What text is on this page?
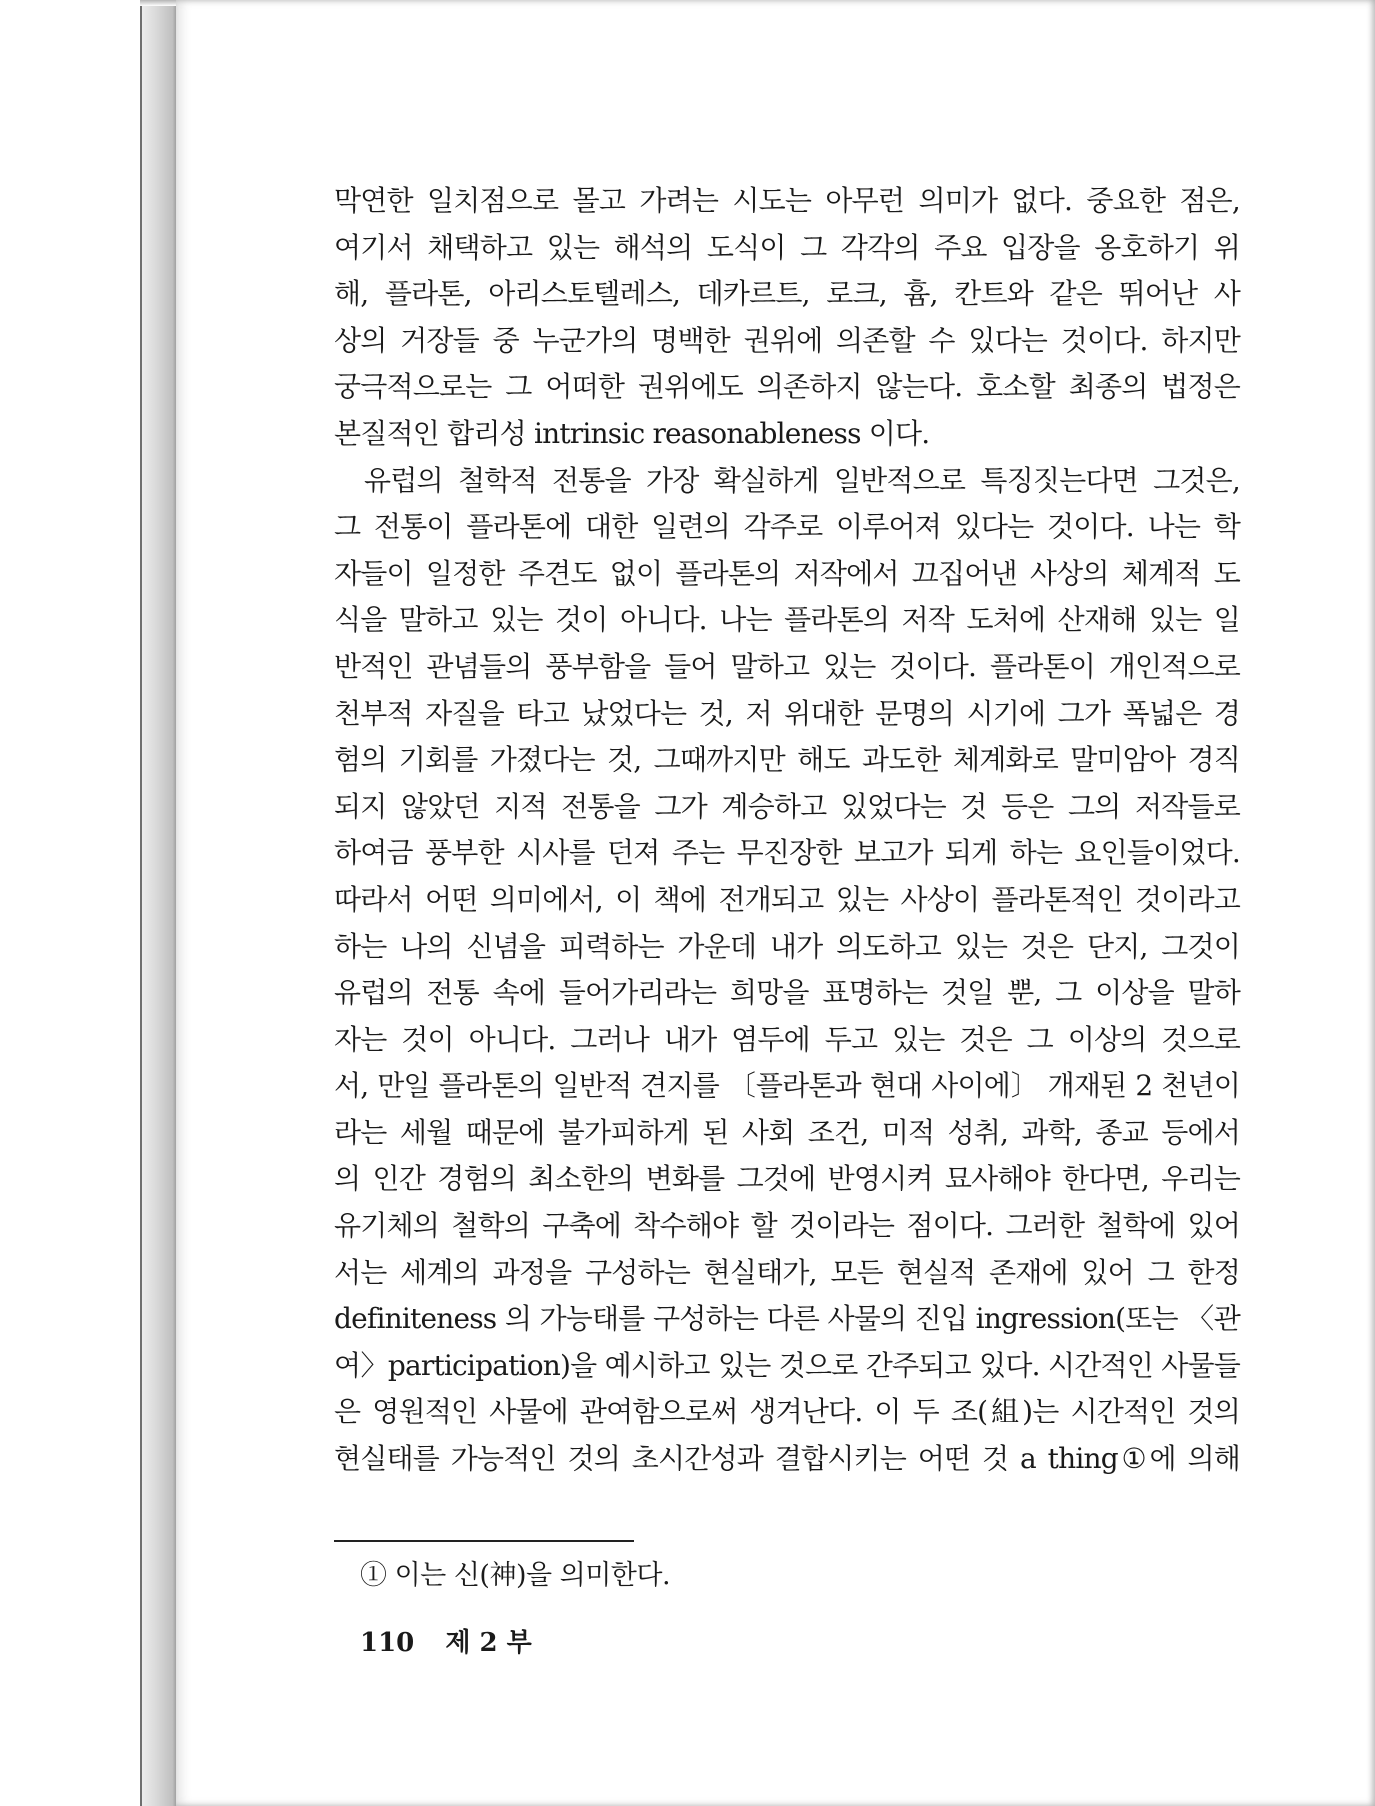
막연한 일치점으로 몰고 가려는 시도는 아무런 의미가 없다. 중요한 점은,
여기서 채택하고 있는 해석의 도식이 그 각각의 주요 입장을 옹호하기 위
해, 플라톤, 아리스토텔레스, 데카르트, 로크, 흄, 칸트와 같은 뛰어난 사
상의 거장들 중 누군가의 명백한 권위에 의존할 수 있다는 것이다. 하지만
궁극적으로는 그 어떠한 권위에도 의존하지 않는다. 호소할 최종의 법정은
본질적인 합리성 intrinsic reasonableness 이다.
유럽의 철학적 전통을 가장 확실하게 일반적으로 특징짓는다면 그것은,
그 전통이 플라톤에 대한 일련의 각주로 이루어져 있다는 것이다. 나는 학
자들이 일정한 주견도 없이 플라톤의 저작에서 끄집어낸 사상의 체계적 도
식을 말하고 있는 것이 아니다. 나는 플라톤의 저작 도처에 산재해 있는 일
반적인 관념들의 풍부함을 들어 말하고 있는 것이다. 플라톤이 개인적으로
천부적 자질을 타고 났었다는 것, 저 위대한 문명의 시기에 그가 폭넓은 경
험의 기회를 가졌다는 것, 그때까지만 해도 과도한 체계화로 말미암아 경직
되지 않았던 지적 전통을 그가 계승하고 있었다는 것 등은 그의 저작들로
하여금 풍부한 시사를 던져 주는 무진장한 보고가 되게 하는 요인들이었다.
따라서 어떤 의미에서, 이 책에 전개되고 있는 사상이 플라톤적인 것이라고
하는 나의 신념을 피력하는 가운데 내가 의도하고 있는 것은 단지, 그것이
유럽의 전통 속에 들어가리라는 희망을 표명하는 것일 뿐, 그 이상을 말하
자는 것이 아니다. 그러나 내가 염두에 두고 있는 것은 그 이상의 것으로
서, 만일 플라톤의 일반적 견지를 〔플라톤과 현대 사이에〕 개재된 2 천년이
라는 세월 때문에 불가피하게 된 사회 조건, 미적 성취, 과학, 종교 등에서
의 인간 경험의 최소한의 변화를 그것에 반영시켜 묘사해야 한다면, 우리는
유기체의 철학의 구축에 착수해야 할 것이라는 점이다. 그러한 철학에 있어
서는 세계의 과정을 구성하는 현실태가, 모든 현실적 존재에 있어 그 한정
definiteness 의 가능태를 구성하는 다른 사물의 진입 ingression(또는 〈관
여〉participation)을 예시하고 있는 것으로 간주되고 있다. 시간적인 사물들
은 영원적인 사물에 관여함으로써 생겨난다. 이 두 조(組)는 시간적인 것의
현실태를 가능적인 것의 초시간성과 결합시키는 어떤 것 a thing①에 의해
① 이는 신(神)을 의미한다.
110 제 2 부
